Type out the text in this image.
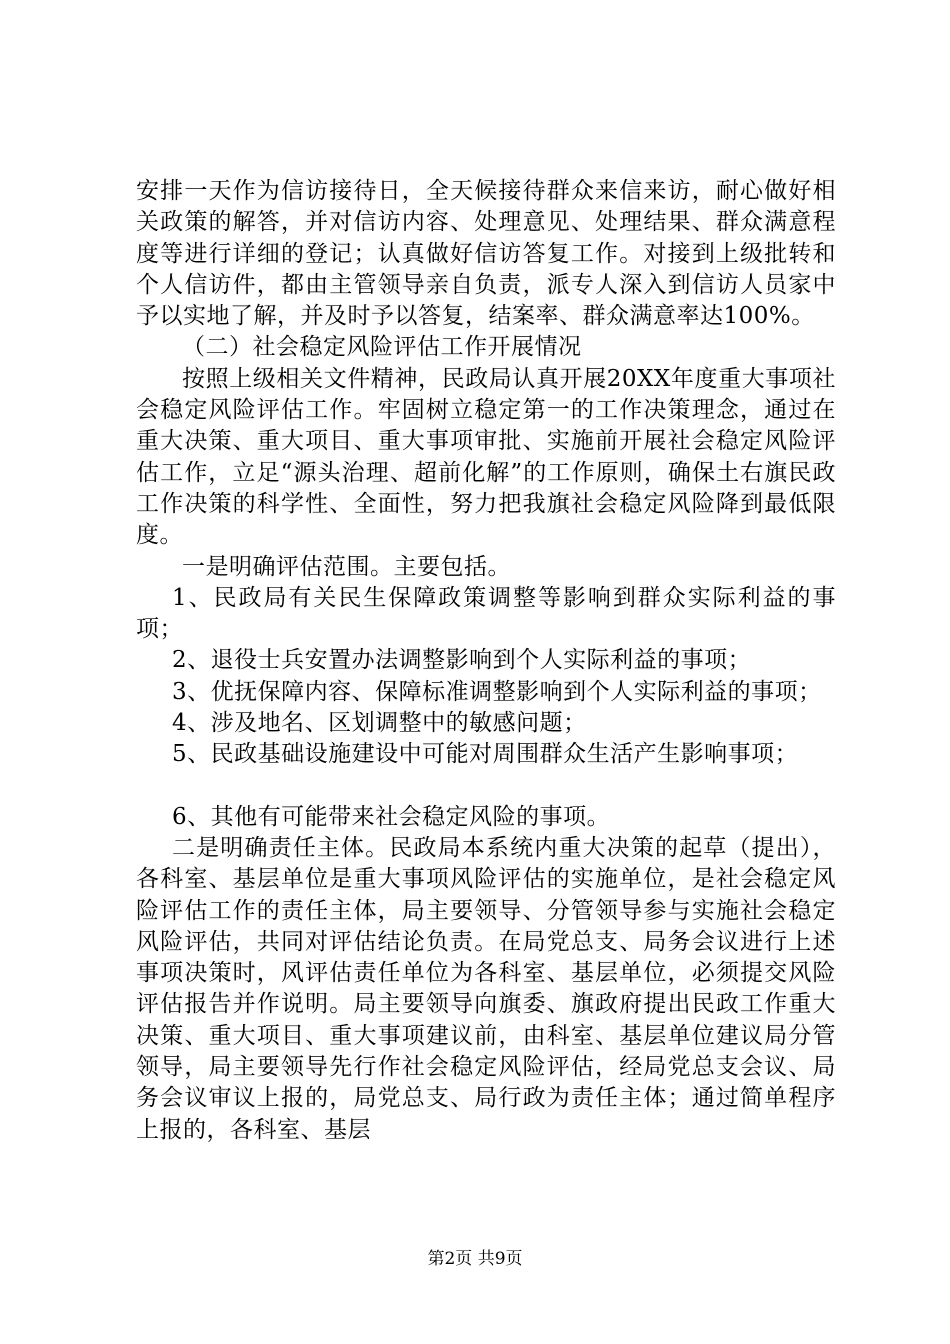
安排一天作为信访接待日，全天候接待群众来信来访，耐心做好相关政策的解答，并对信访内容、处理意见、处理结果、群众满意程度等进行详细的登记；认真做好信访答复工作。对接到上级批转和个人信访件，都由主管领导亲自负责，派专人深入到信访人员家中予以实地了解，并及时予以答复，结案率、群众满意率达100%。

（二）社会稳定风险评估工作开展情况

按照上级相关文件精神，民政局认真开展20XX年度重大事项社会稳定风险评估工作。牢固树立稳定第一的工作决策理念，通过在重大决策、重大项目、重大事项审批、实施前开展社会稳定风险评估工作，立足“源头治理、超前化解”的工作原则，确保土右旗民政工作决策的科学性、全面性，努力把我旗社会稳定风险降到最低限度。

一是明确评估范围。主要包括。

1、民政局有关民生保障政策调整等影响到群众实际利益的事项；

2、退役士兵安置办法调整影响到个人实际利益的事项；

3、优抚保障内容、保障标准调整影响到个人实际利益的事项；

4、涉及地名、区划调整中的敏感问题；

5、民政基础设施建设中可能对周围群众生活产生影响事项；

6、其他有可能带来社会稳定风险的事项。

二是明确责任主体。民政局本系统内重大决策的起草（提出），各科室、基层单位是重大事项风险评估的实施单位，是社会稳定风险评估工作的责任主体，局主要领导、分管领导参与实施社会稳定风险评估，共同对评估结论负责。在局党总支、局务会议进行上述事项决策时，风评估责任单位为各科室、基层单位，必须提交风险评估报告并作说明。局主要领导向旗委、旗政府提出民政工作重大决策、重大项目、重大事项建议前，由科室、基层单位建议局分管领导，局主要领导先行作社会稳定风险评估，经局党总支会议、局务会议审议上报的，局党总支、局行政为责任主体；通过简单程序上报的，各科室、基层

第2页 共9页
